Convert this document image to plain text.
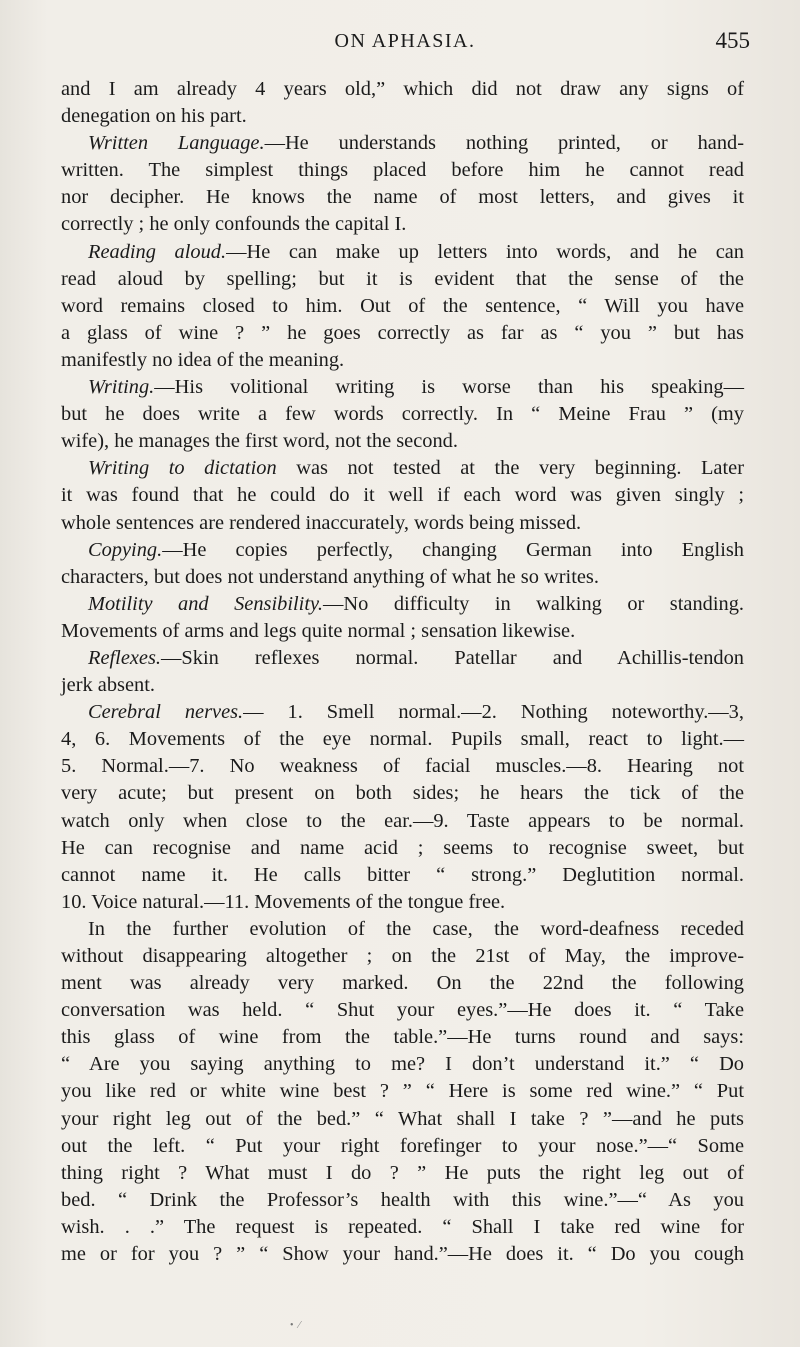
ON APHASIA.	455
and I am already 4 years old,” which did not draw any signs of
denegation on his part.
Written Language.—He understands nothing printed, or hand-
written. The simplest things placed before him he cannot read
nor decipher. He knows the name of most letters, and gives it
correctly ; he only confounds the capital I.
Reading aloud.—He can make up letters into words, and he can
read aloud by spelling; but it is evident that the sense of the
word remains closed to him. Out of the sentence, “ Will you have
a glass of wine ? ” he goes correctly as far as “ you ” but has
manifestly no idea of the meaning.
Writing.—His volitional writing is worse than his speaking—
but he does write a few words correctly. In “ Meine Frau ” (my
wife), he manages the first word, not the second.
Writing to dictation was not tested at the very beginning. Later
it was found that he could do it well if each word was given singly ;
whole sentences are rendered inaccurately, words being missed.
Copying.—He copies perfectly, changing German into English
characters, but does not understand anything of what he so writes.
Motility and Sensibility.—No difficulty in walking or standing.
Movements of arms and legs quite normal ; sensation likewise.
Reflexes.—Skin reflexes normal. Patellar and Achillis-tendon
jerk absent.
Cerebral nerves.— 1. Smell normal.—2. Nothing noteworthy.—3,
4, 6. Movements of the eye normal. Pupils small, react to light.—
5. Normal.—7. No weakness of facial muscles.—8. Hearing not
very acute; but present on both sides; he hears the tick of the
watch only when close to the ear.—9. Taste appears to be normal.
He can recognise and name acid ; seems to recognise sweet, but
cannot name it. He calls bitter “ strong.” Deglutition normal.
10. Voice natural.—11. Movements of the tongue free.
In the further evolution of the case, the word-deafness receded
without disappearing altogether ; on the 21st of May, the improve-
ment was already very marked. On the 22nd the following
conversation was held. “ Shut your eyes.”—He does it. “ Take
this glass of wine from the table.”—He turns round and says:
“ Are you saying anything to me? I don’t understand it.” “ Do
you like red or white wine best ? ” “ Here is some red wine.” “ Put
your right leg out of the bed.” “ What shall I take ? ”—and he puts
out the left. “ Put your right forefinger to your nose.”—“ Some
thing right ? What must I do ? ” He puts the right leg out of
bed. “ Drink the Professor’s health with this wine.”—“ As you
wish. . .” The request is repeated. “ Shall I take red wine for
me or for you ? ” “ Show your hand.”—He does it. “ Do you cough
•  ⁄
